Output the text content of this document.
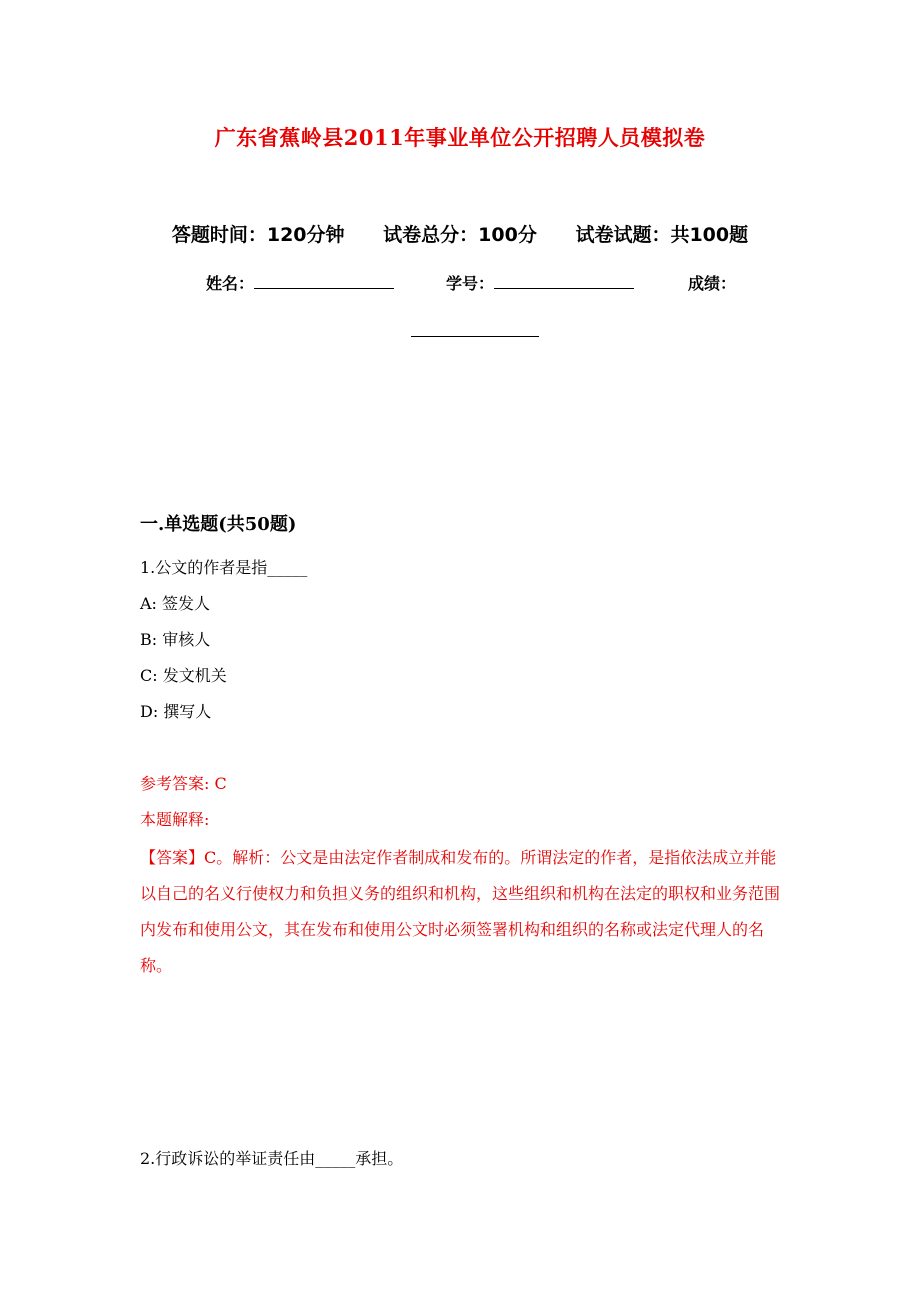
广东省蕉岭县2011年事业单位公开招聘人员模拟卷
答题时间：120分钟 试卷总分：100分 试卷试题：共100题
姓名：	学号：	成绩：
一.单选题(共50题)
1.公文的作者是指_____
A: 签发人
B: 审核人
C: 发文机关
D: 撰写人
参考答案: C
本题解释:
【答案】C。解析：公文是由法定作者制成和发布的。所谓法定的作者，是指依法成立并能以自己的名义行使权力和负担义务的组织和机构，这些组织和机构在法定的职权和业务范围内发布和使用公文，其在发布和使用公文时必须签署机构和组织的名称或法定代理人的名称。
2.行政诉讼的举证责任由_____承担。
